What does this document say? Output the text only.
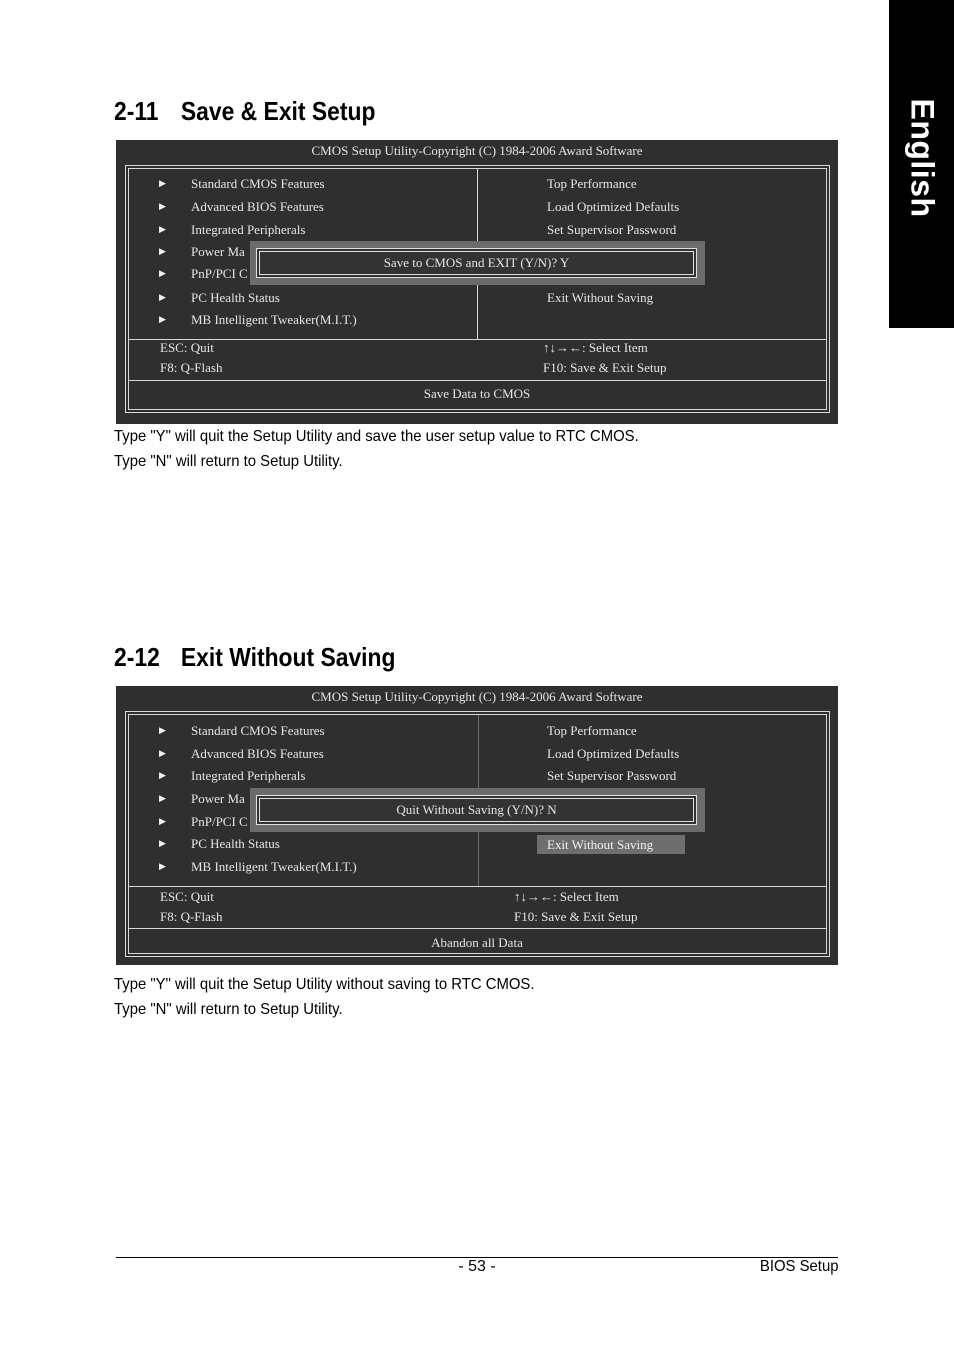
English
2-11 Save & Exit Setup
CMOS Setup Utility-Copyright (C) 1984-2006 Award Software
▶ Standard CMOS Features
▶ Advanced BIOS Features
▶ Integrated Peripherals
▶ Power Ma
▶ PnP/PCI C
▶ PC Health Status
▶ MB Intelligent Tweaker(M.I.T.)
Top Performance
Load Optimized Defaults
Set Supervisor Password
Exit Without Saving
Save to CMOS and EXIT (Y/N)? Y
ESC: Quit
F8: Q-Flash
↑↓→←: Select Item
F10: Save & Exit Setup
Save Data to CMOS
Type "Y" will quit the Setup Utility and save the user setup value to RTC CMOS.
Type "N" will return to Setup Utility.
2-12 Exit Without Saving
CMOS Setup Utility-Copyright (C) 1984-2006 Award Software
▶ Standard CMOS Features
▶ Advanced BIOS Features
▶ Integrated Peripherals
▶ Power Ma
▶ PnP/PCI C
▶ PC Health Status
▶ MB Intelligent Tweaker(M.I.T.)
Top Performance
Load Optimized Defaults
Set Supervisor Password
Exit Without Saving
Quit Without Saving (Y/N)? N
ESC: Quit
F8: Q-Flash
↑↓→←: Select Item
F10: Save & Exit Setup
Abandon all Data
Type "Y" will quit the Setup Utility without saving to RTC CMOS.
Type "N" will return to Setup Utility.
- 53 -	BIOS Setup
